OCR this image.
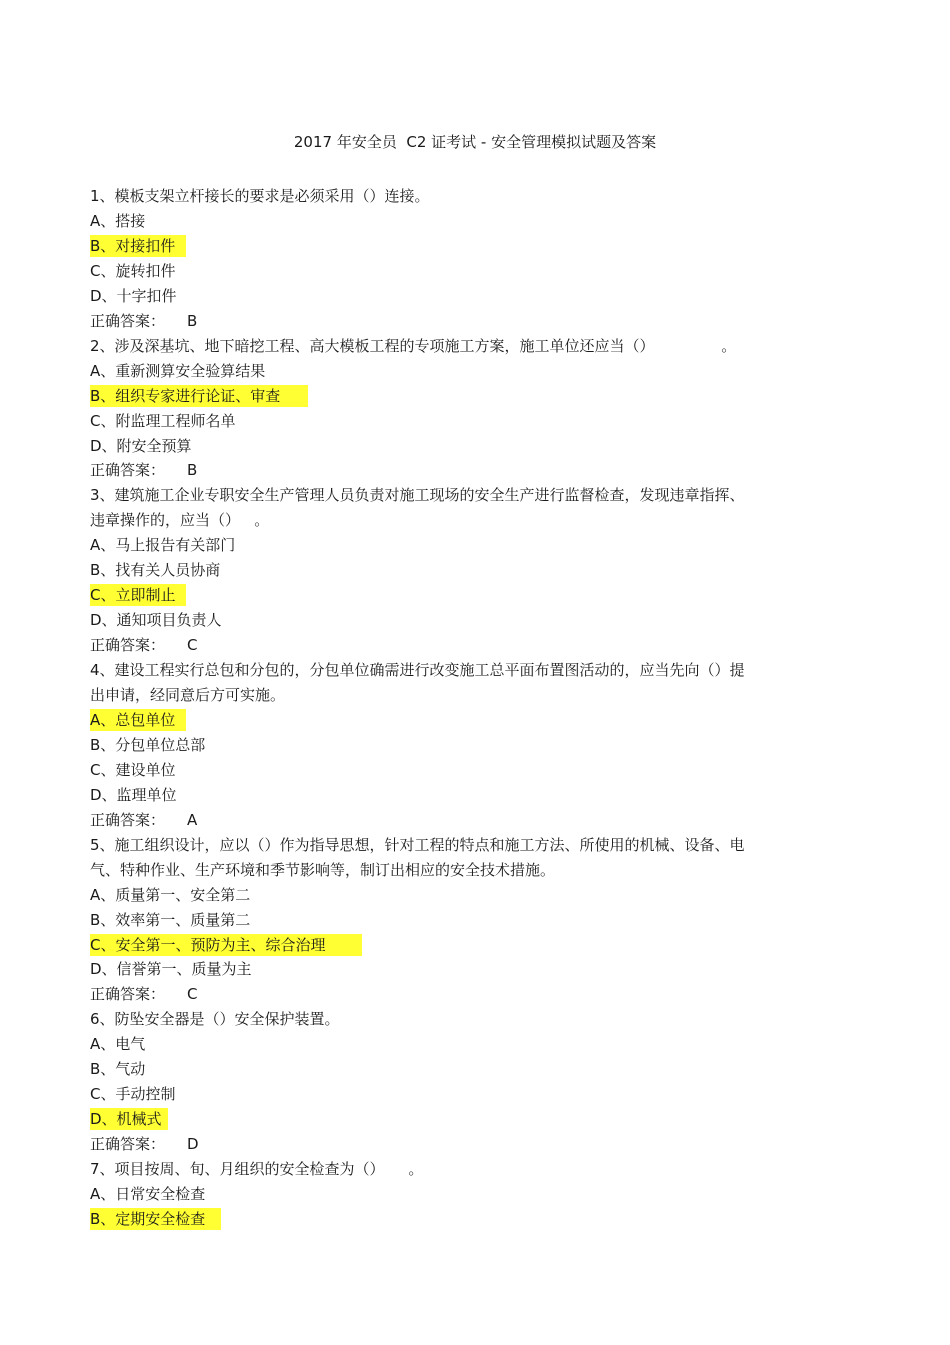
2017 年安全员  C2 证考试 - 安全管理模拟试题及答案
1、模板支架立杆接长的要求是必须采用（）连接。
A、搭接
B、对接扣件
C、旋转扣件
D、十字扣件
正确答案： B
2、涉及深基坑、地下暗挖工程、高大模板工程的专项施工方案，施工单位还应当（）              。
A、重新测算安全验算结果
B、组织专家进行论证、审查
C、附监理工程师名单
D、附安全预算
正确答案： B
3、建筑施工企业专职安全生产管理人员负责对施工现场的安全生产进行监督检查，发现违章指挥、
违章操作的，应当（）   。
A、马上报告有关部门
B、找有关人员协商
C、立即制止
D、通知项目负责人
正确答案： C
4、建设工程实行总包和分包的，分包单位确需进行改变施工总平面布置图活动的，应当先向（）提
出申请，经同意后方可实施。
A、总包单位
B、分包单位总部
C、建设单位
D、监理单位
正确答案： A
5、施工组织设计，应以（）作为指导思想，针对工程的特点和施工方法、所使用的机械、设备、电
气、特种作业、生产环境和季节影响等，制订出相应的安全技术措施。
A、质量第一、安全第二
B、效率第一、质量第二
C、安全第一、预防为主、综合治理
D、信誉第一、质量为主
正确答案： C
6、防坠安全器是（）安全保护装置。
A、电气
B、气动
C、手动控制
D、机械式
正确答案： D
7、项目按周、旬、月组织的安全检查为（）     。
A、日常安全检查
B、定期安全检查
